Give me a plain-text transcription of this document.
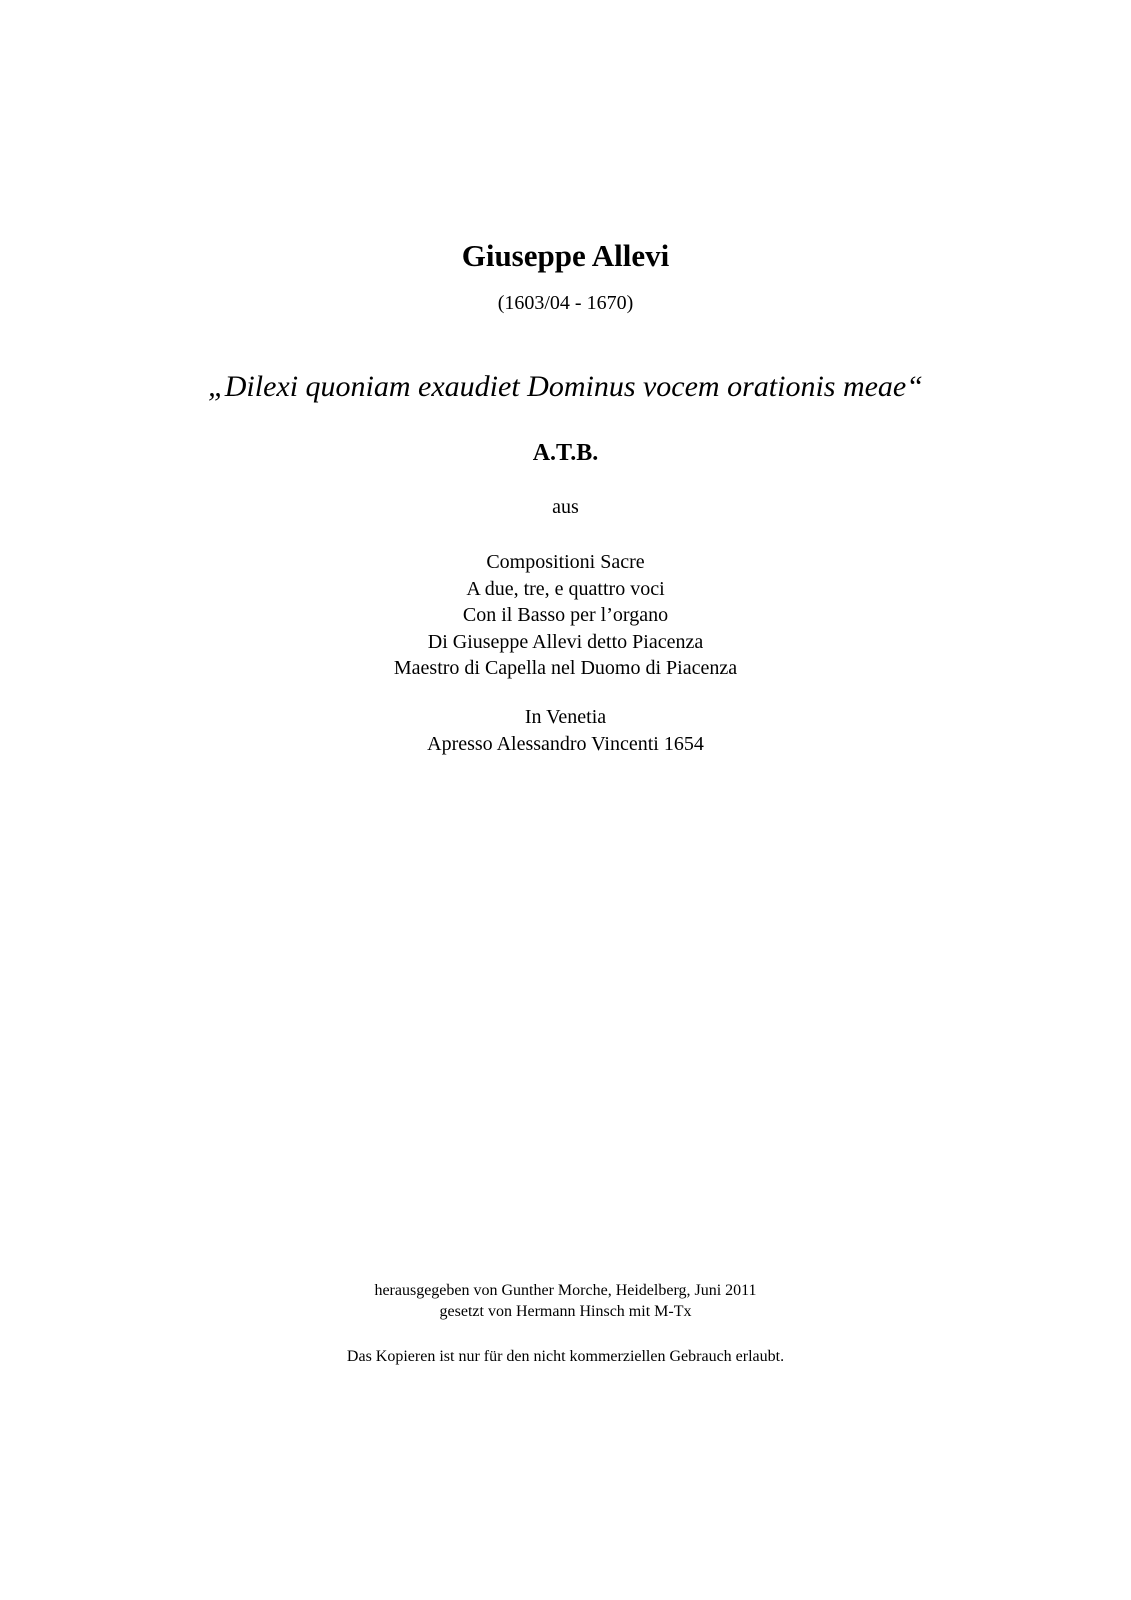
Giuseppe Allevi
(1603/04 - 1670)
„Dilexi quoniam exaudiet Dominus vocem orationis meae“
A.T.B.
aus
Compositioni Sacre
A due, tre, e quattro voci
Con il Basso per l’organo
Di Giuseppe Allevi detto Piacenza
Maestro di Capella nel Duomo di Piacenza
In Venetia
Apresso Alessandro Vincenti 1654
herausgegeben von Gunther Morche, Heidelberg, Juni 2011
gesetzt von Hermann Hinsch mit M-Tx
Das Kopieren ist nur für den nicht kommerziellen Gebrauch erlaubt.
